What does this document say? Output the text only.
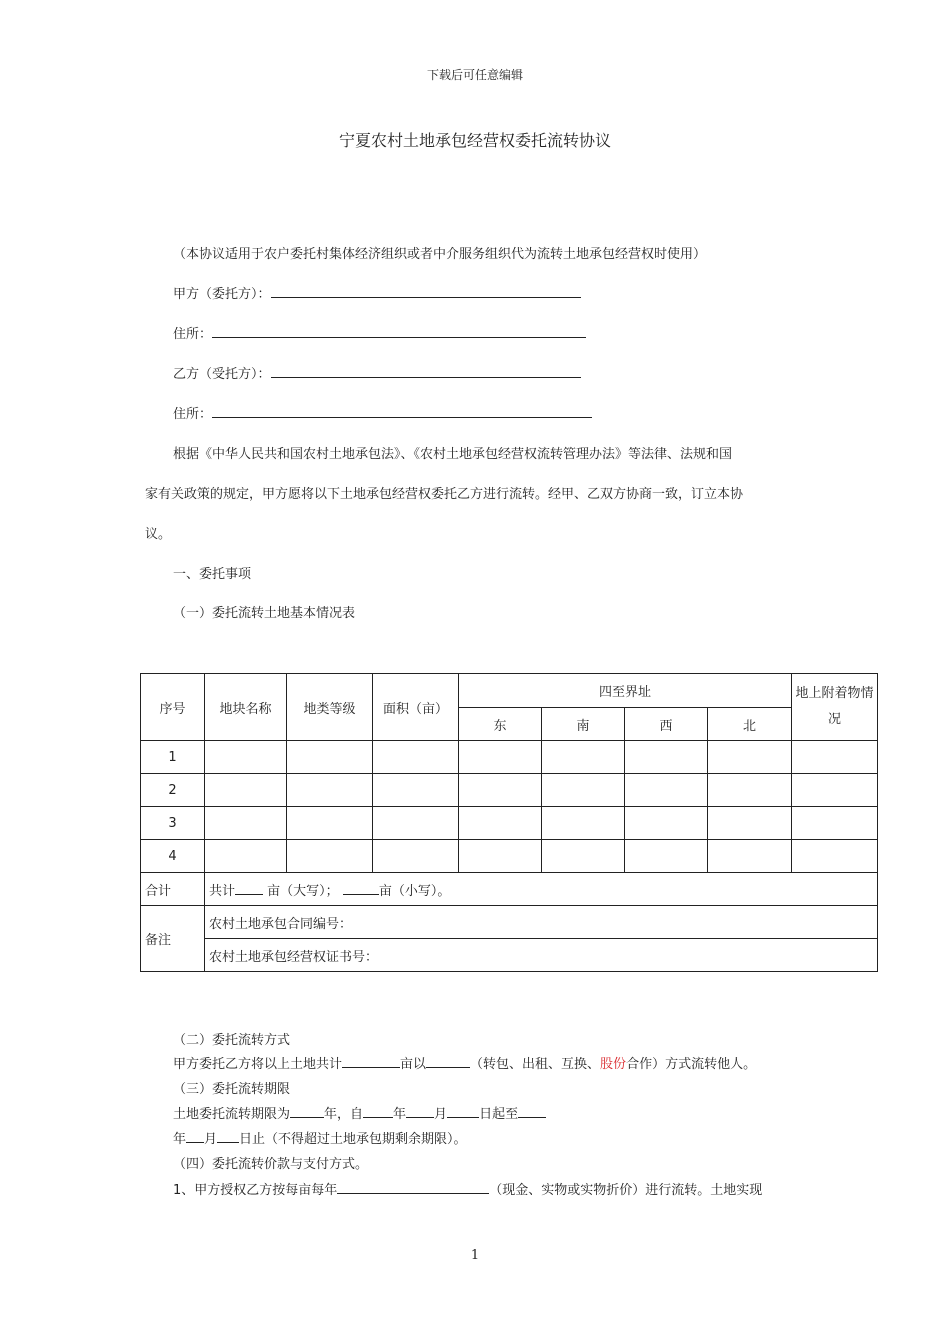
下载后可任意编辑
宁夏农村土地承包经营权委托流转协议
（本协议适用于农户委托村集体经济组织或者中介服务组织代为流转土地承包经营权时使用）
甲方（委托方）：
住所：
乙方（受托方）：
住所：
根据《中华人民共和国农村土地承包法》、《农村土地承包经营权流转管理办法》等法律、法规和国
家有关政策的规定，甲方愿将以下土地承包经营权委托乙方进行流转。经甲、乙双方协商一致，订立本协
议。
一、委托事项
（一）委托流转土地基本情况表
序号	地块名称	地类等级	面积（亩）	四至界址				地上附着物情况
				东	南	西	北	
1								
2								
3								
4								
合计	共计 亩（大写）； 亩（小写）。							
备注	农村土地承包合同编号：							
	农村土地承包经营权证书号：							
（二）委托流转方式
甲方委托乙方将以上土地共计	亩以	（转包、出租、互换、股份合作）方式流转他人。
（三）委托流转期限
土地委托流转期限为	年，自 年 月 日起至
年 月 日止（不得超过土地承包期剩余期限）。
（四）委托流转价款与支付方式。
1、甲方授权乙方按每亩每年	（现金、实物或实物折价）进行流转。土地实现
1
